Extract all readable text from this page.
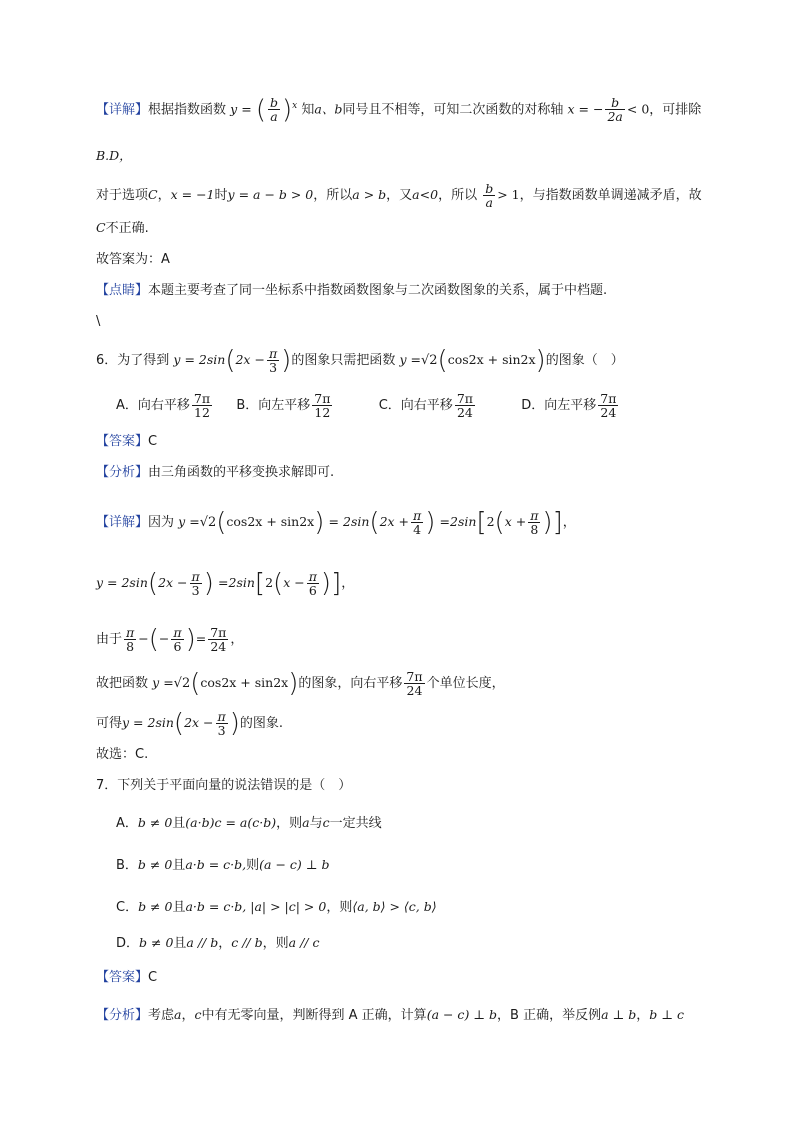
【详解】根据指数函数 y = ( $\frac{b}{a} )^x$ 知a、b同号且不相等，可知二次函数的对称轴 x = − $\frac{b}{2a} < 0$，可排除
B.D，
对于选项C，x = −1时y = a − b > 0，所以a > b，又a<0，所以 $\frac{b}{a} > 1$，与指数函数单调递减矛盾，故
C不正确.
故答案为：A
【点睛】本题主要考查了同一坐标系中指数函数图象与二次函数图象的关系，属于中档题.
\
6．为了得到 $y = 2\sin(2x - \frac{\pi}{3}$ )的图象只需把函数 y =√2(cos2x + sin2x)的图象（　）
A．向右平移 $\frac{7\pi}{12}$ B．向左平移 $\frac{7\pi}{12}$	C．向右平移 $\frac{7\pi}{24}$	D．向左平移 $\frac{7\pi}{24}$
【答案】C
【分析】由三角函数的平移变换求解即可.
【详解】因为 $y =√2(\cos 2x + \sin 2x) = 2\sin(2x + \frac{\pi}{4}$ ) $=2\sin[2(x + \frac{\pi}{8}$ )]，
$y = 2\sin(2x - \frac{\pi}{3}$ ) $=2\sin[2(x - \frac{\pi}{6}$ )]，
由于 $\frac{\pi}{8}$ −(− $\frac{\pi}{6}$ )= $\frac{7\pi}{24}$ ，
故把函数 y =√2(cos2x + sin2x)的图象，向右平移 $\frac{7\pi}{24}$ 个单位长度，
可得$y = 2\sin(2x - \frac{\pi}{3}$ )的图象.
故选：C.
7．下列关于平面向量的说法错误的是（　）
A．b ≠ 0且(a·b)c = a(c·b)，则a与c一定共线
B．b ≠ 0且a·b = c·b,则(a − c) ⊥ b
C．b ≠ 0且a·b = c·b, |a| > |c| > 0，则⟨a, b⟩ > ⟨c, b⟩
D．b ≠ 0且a // b，c // b，则a // c
【答案】C
【分析】考虑a，c中有无零向量，判断得到 A 正确，计算(a − c) ⊥ b，B 正确，举反例a ⊥ b，b ⊥ c
